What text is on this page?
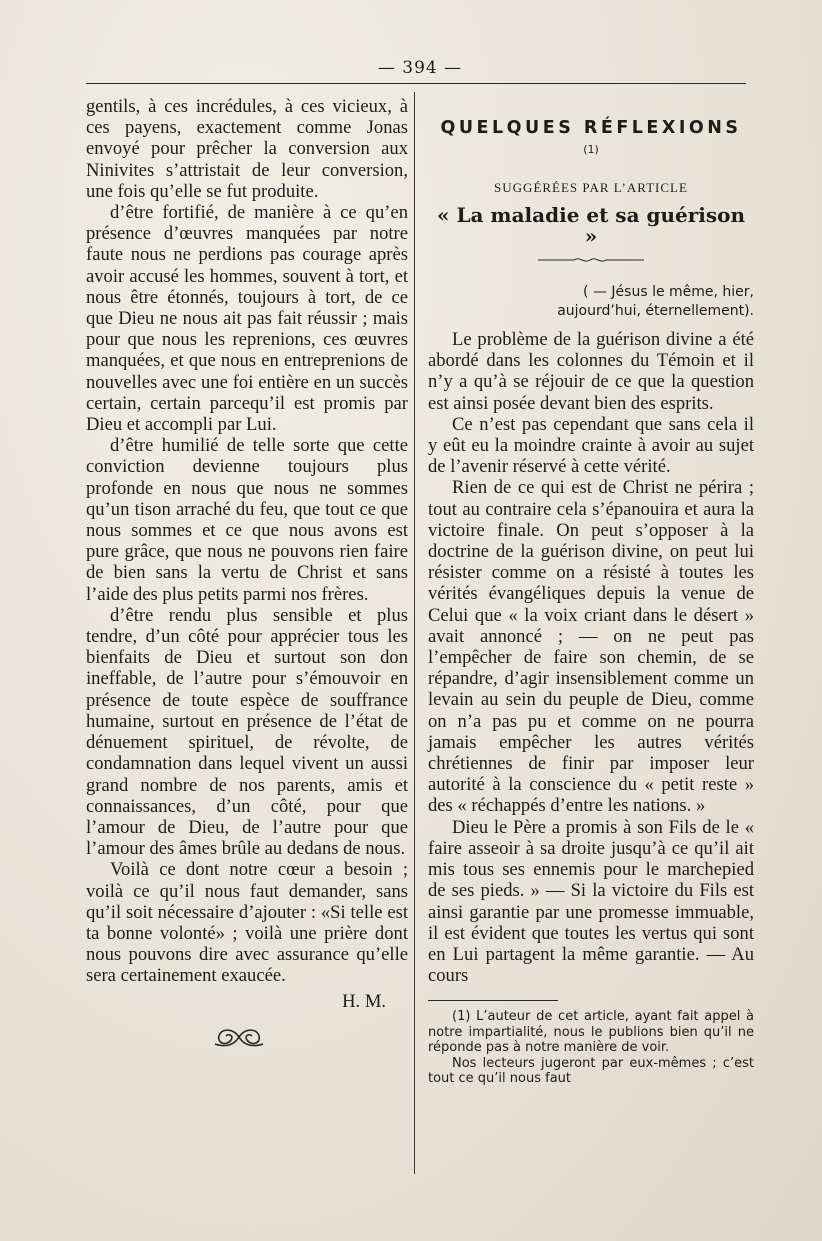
— 394 —

gentils, à ces incrédules, à ces vicieux, à ces payens, exactement comme Jonas envoyé pour prêcher la conversion aux Ninivites s’attristait de leur conversion, une fois qu’elle se fut produite.

d’être fortifié, de manière à ce qu’en présence d’œuvres manquées par notre faute nous ne perdions pas courage après avoir accusé les hommes, souvent à tort, et nous être étonnés, toujours à tort, de ce que Dieu ne nous ait pas fait réussir ; mais pour que nous les reprenions, ces œuvres manquées, et que nous en entreprenions de nouvelles avec une foi entière en un succès certain, certain parcequ’il est promis par Dieu et accompli par Lui.

d’être humilié de telle sorte que cette conviction devienne toujours plus profonde en nous que nous ne sommes qu’un tison arraché du feu, que tout ce que nous sommes et ce que nous avons est pure grâce, que nous ne pouvons rien faire de bien sans la vertu de Christ et sans l’aide des plus petits parmi nos frères.

d’être rendu plus sensible et plus tendre, d’un côté pour apprécier tous les bienfaits de Dieu et surtout son don ineffable, de l’autre pour s’émouvoir en présence de toute espèce de souffrance humaine, surtout en présence de l’état de dénuement spirituel, de révolte, de condamnation dans lequel vivent un aussi grand nombre de nos parents, amis et connaissances, d’un côté, pour que l’amour de Dieu, de l’autre pour que l’amour des âmes brûle au dedans de nous.

Voilà ce dont notre cœur a besoin ; voilà ce qu’il nous faut demander, sans qu’il soit nécessaire d’ajouter : «Si telle est ta bonne volonté» ; voilà une prière dont nous pouvons dire avec assurance qu’elle sera certainement exaucée.

H. M.

QUELQUES RÉFLEXIONS $^{(1)}$

SUGGÉRÉES PAR L’ARTICLE

« La maladie et sa guérison »

( — Jésus le même, hier, aujourd’hui, éternellement).

Le problème de la guérison divine a été abordé dans les colonnes du Témoin et il n’y a qu’à se réjouir de ce que la question est ainsi posée devant bien des esprits.

Ce n’est pas cependant que sans cela il y eût eu la moindre crainte à avoir au sujet de l’avenir réservé à cette vérité.

Rien de ce qui est de Christ ne périra ; tout au contraire cela s’épanouira et aura la victoire finale. On peut s’opposer à la doctrine de la guérison divine, on peut lui résister comme on a résisté à toutes les vérités évangéliques depuis la venue de Celui que « la voix criant dans le désert » avait annoncé ; — on ne peut pas l’empêcher de faire son chemin, de se répandre, d’agir insensiblement comme un levain au sein du peuple de Dieu, comme on n’a pas pu et comme on ne pourra jamais empêcher les autres vérités chrétiennes de finir par imposer leur autorité à la conscience du « petit reste » des « réchappés d’entre les nations. »

Dieu le Père a promis à son Fils de le « faire asseoir à sa droite jusqu’à ce qu’il ait mis tous ses ennemis pour le marchepied de ses pieds. » — Si la victoire du Fils est ainsi garantie par une promesse immuable, il est évident que toutes les vertus qui sont en Lui partagent la même garantie. — Au cours

(1) L’auteur de cet article, ayant fait appel à notre impartialité, nous le publions bien qu’il ne réponde pas à notre manière de voir.

Nos lecteurs jugeront par eux-mêmes ; c’est tout ce qu’il nous faut
